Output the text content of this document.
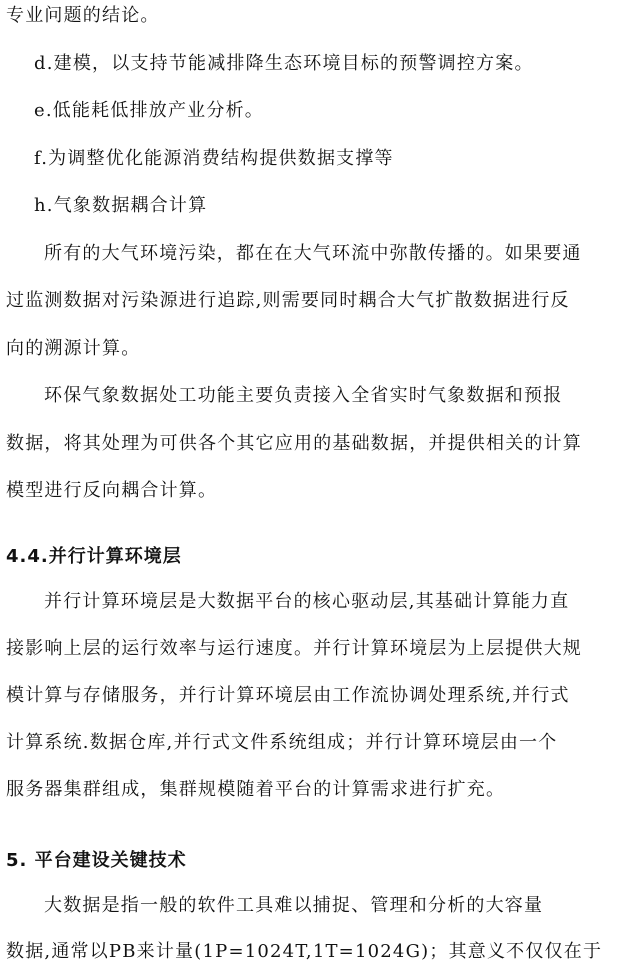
专业问题的结论。
d.建模，以支持节能减排降生态环境目标的预警调控方案。
e.低能耗低排放产业分析。
f.为调整优化能源消费结构提供数据支撑等
h.气象数据耦合计算
所有的大气环境污染，都在在大气环流中弥散传播的。如果要通
过监测数据对污染源进行追踪,则需要同时耦合大气扩散数据进行反
向的溯源计算。
环保气象数据处工功能主要负责接入全省实时气象数据和预报
数据，将其处理为可供各个其它应用的基础数据，并提供相关的计算
模型进行反向耦合计算。
4.4.并行计算环境层
并行计算环境层是大数据平台的核心驱动层,其基础计算能力直
接影响上层的运行效率与运行速度。并行计算环境层为上层提供大规
模计算与存储服务，并行计算环境层由工作流协调处理系统,并行式
计算系统.数据仓库,并行式文件系统组成；并行计算环境层由一个
服务器集群组成，集群规模随着平台的计算需求进行扩充。
5. 平台建设关键技术
大数据是指一般的软件工具难以捕捉、管理和分析的大容量
数据,通常以PB来计量(1P=1024T,1T=1024G)；其意义不仅仅在于
